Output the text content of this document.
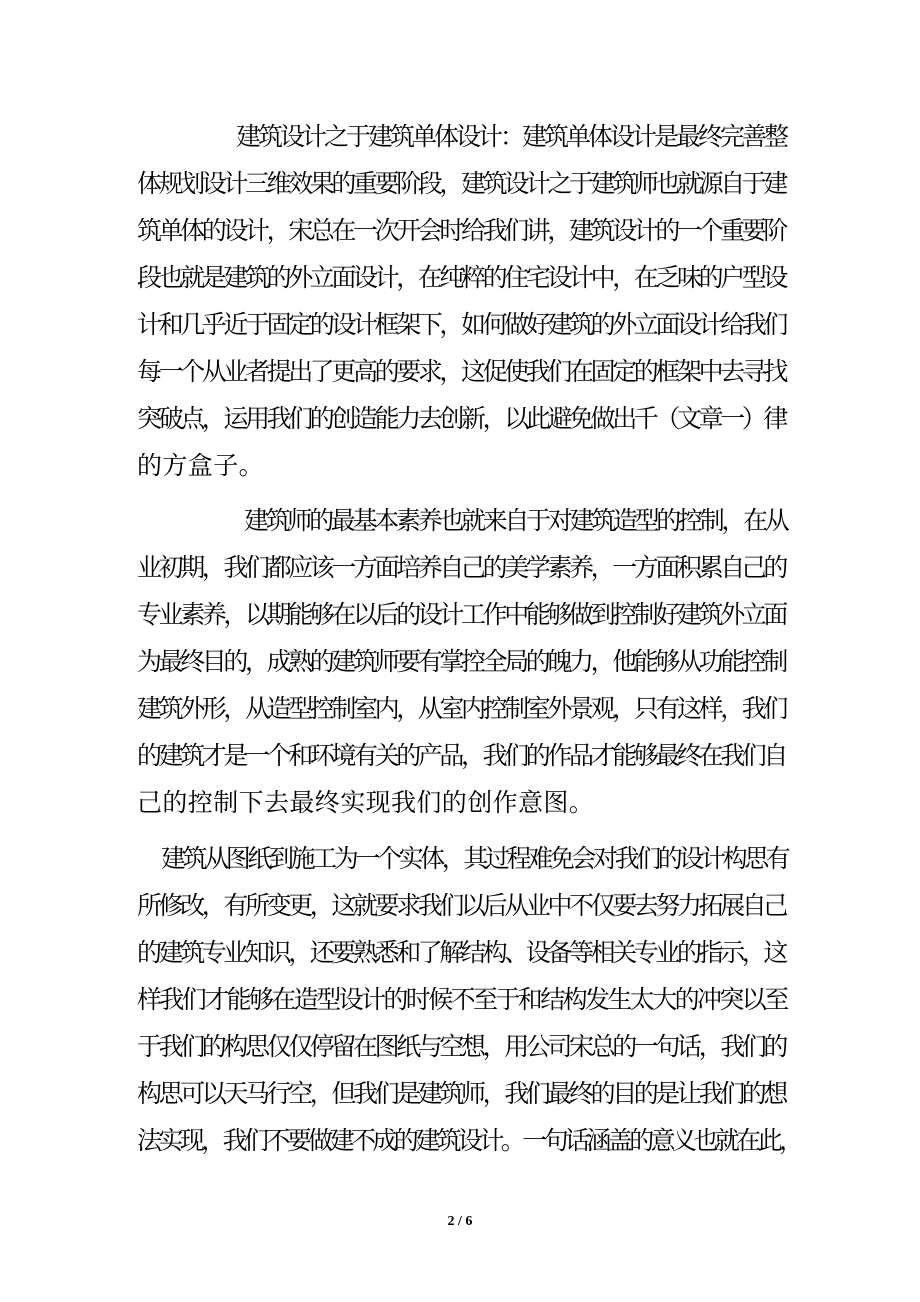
建筑设计之于建筑单体设计：建筑单体设计是最终完善整
体规划设计三维效果的重要阶段，建筑设计之于建筑师也就源自于建
筑单体的设计，宋总在一次开会时给我们讲，建筑设计的一个重要阶
段也就是建筑的外立面设计，在纯粹的住宅设计中，在乏味的户型设
计和几乎近于固定的设计框架下，如何做好建筑的外立面设计给我们
每一个从业者提出了更高的要求，这促使我们在固定的框架中去寻找
突破点，运用我们的创造能力去创新，以此避免做出千（文章一）律
的方盒子。
建筑师的最基本素养也就来自于对建筑造型的控制，在从
业初期，我们都应该一方面培养自己的美学素养，一方面积累自己的
专业素养，以期能够在以后的设计工作中能够做到控制好建筑外立面
为最终目的，成熟的建筑师要有掌控全局的魄力，他能够从功能控制
建筑外形，从造型控制室内，从室内控制室外景观，只有这样，我们
的建筑才是一个和环境有关的产品，我们的作品才能够最终在我们自
己的控制下去最终实现我们的创作意图。
建筑从图纸到施工为一个实体，其过程难免会对我们的设计构思有
所修改，有所变更，这就要求我们以后从业中不仅要去努力拓展自己
的建筑专业知识，还要熟悉和了解结构、设备等相关专业的指示，这
样我们才能够在造型设计的时候不至于和结构发生太大的冲突以至
于我们的构思仅仅停留在图纸与空想，用公司宋总的一句话，我们的
构思可以天马行空，但我们是建筑师，我们最终的目的是让我们的想
法实现，我们不要做建不成的建筑设计。一句话涵盖的意义也就在此，
2 / 6
